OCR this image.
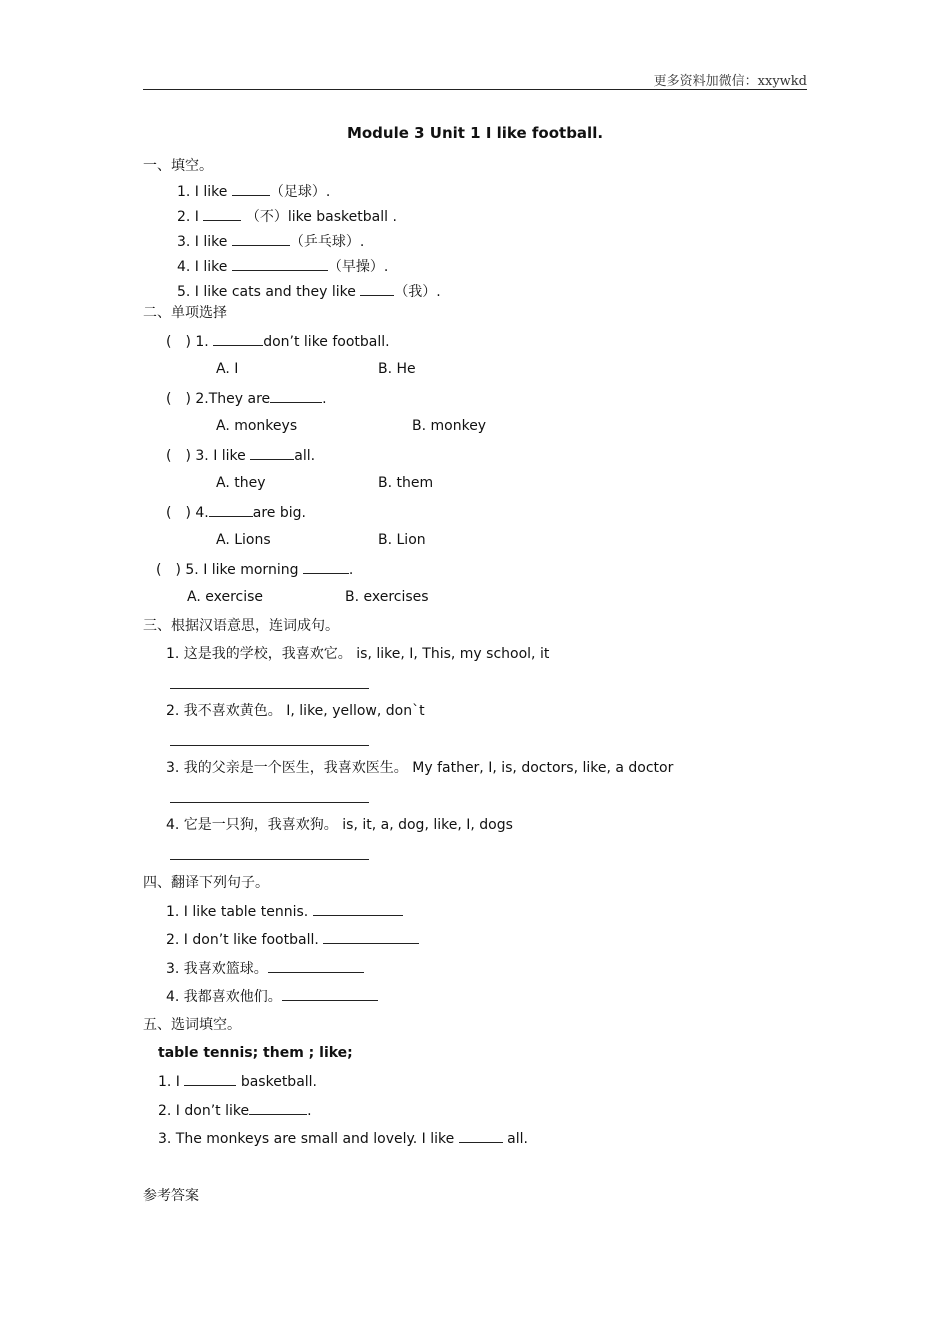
更多资料加微信：xxywkd
Module 3 Unit 1 I like football.
一、填空。
1. I like	（足球）.
2. I	（不）like basketball .
3. I like	（乒乓球）.
4. I like	（早操）.
5. I like cats and they like （我）.
二、单项选择
(　) 1.	don’t like football.
A. I	B. He
(　) 2.They are	.
A. monkeys	B. monkey
(　) 3. I like	all.
A. they	B. them
(　) 4.	are big.
A. Lions	B. Lion
(　) 5. I like morning	.
A. exercise	B. exercises
三、根据汉语意思，连词成句。
1. 这是我的学校，我喜欢它。 is, like, I, This, my school, it
2. 我不喜欢黄色。 I, like, yellow, don`t
3. 我的父亲是一个医生，我喜欢医生。 My father, I, is, doctors, like, a doctor
4. 它是一只狗，我喜欢狗。 is, it, a, dog, like, I, dogs
四、翻译下列句子。
1. I like table tennis.
2. I don’t like football.
3. 我喜欢篮球。
4. 我都喜欢他们。
五、选词填空。
table tennis; them ; like;
1. I	basketball.
2. I don’t like	.
3. The monkeys are small and lovely. I like	all.
参考答案
